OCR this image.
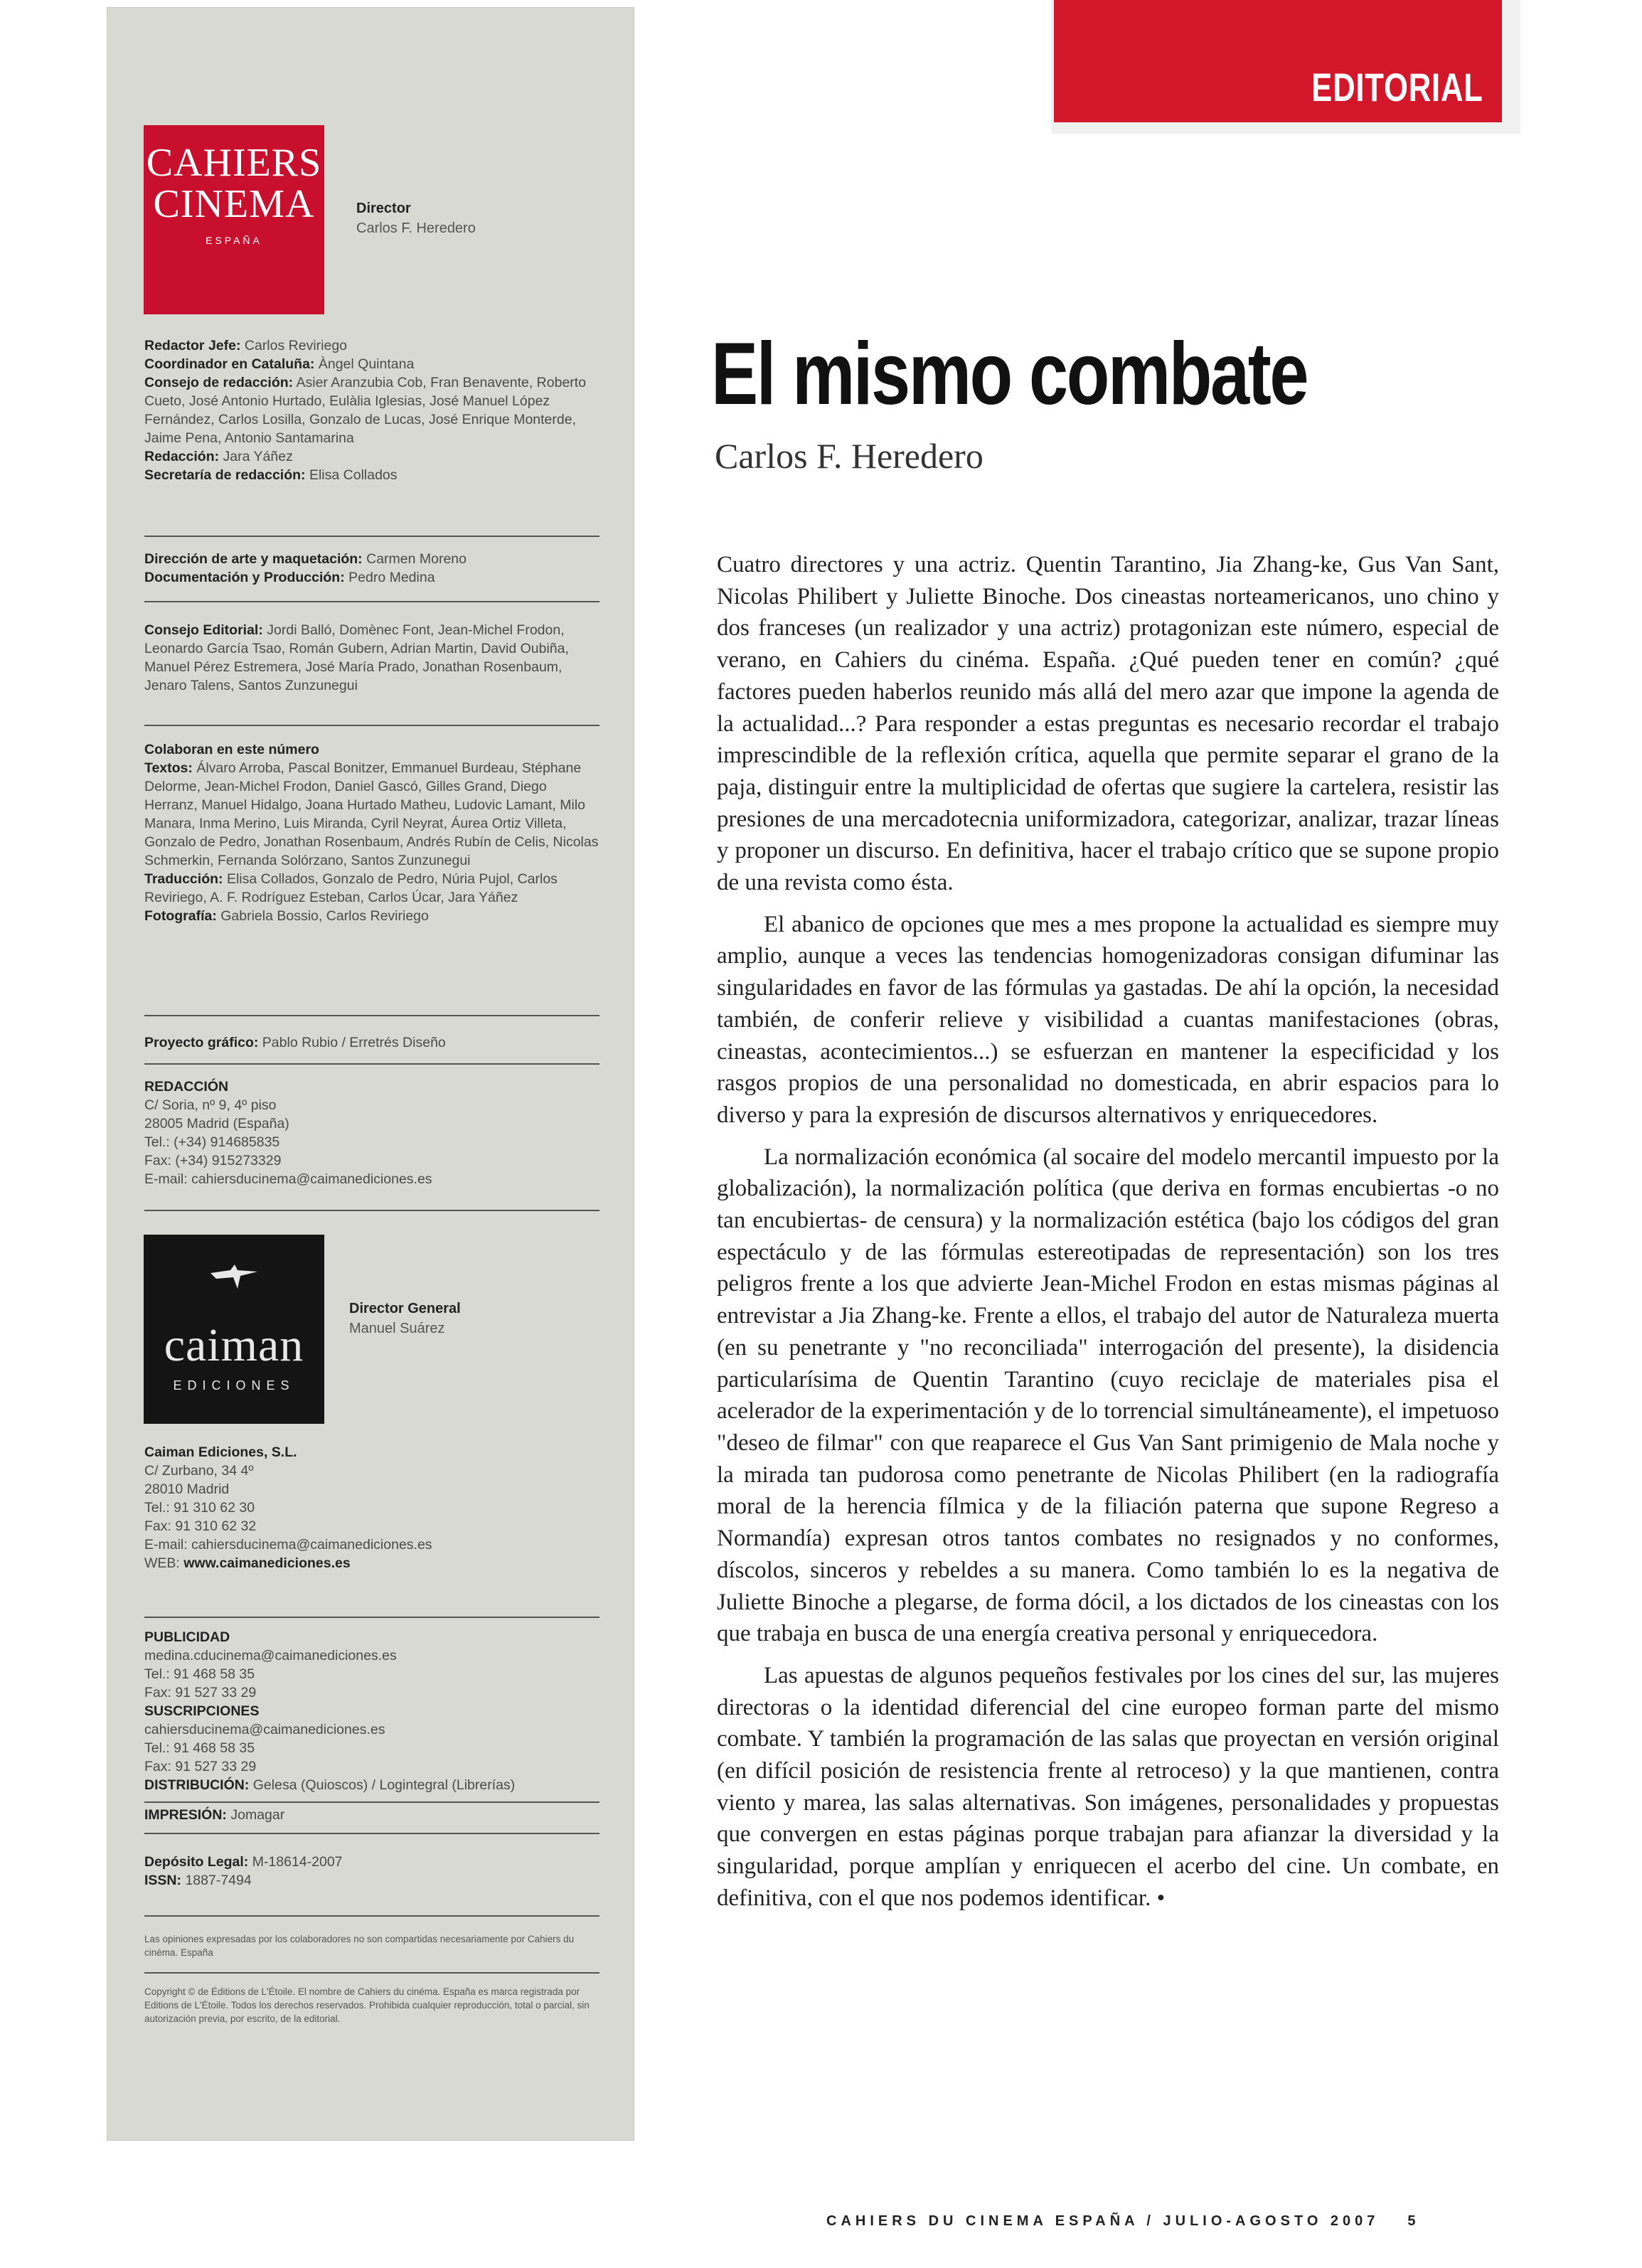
CAHIERS
CINEMA
ESPAÑA
Director
Carlos F. Heredero

Redactor Jefe: Carlos Reviriego

Coordinador en Cataluña: Àngel Quintana

Consejo de redacción: Asier Aranzubia Cob, Fran Benavente, Roberto Cueto, José Antonio Hurtado, Eulàlia Iglesias, José Manuel López Fernández, Carlos Losilla, Gonzalo de Lucas, José Enrique Monterde, Jaime Pena, Antonio Santamarina

Redacción: Jara Yáñez

Secretaría de redacción: Elisa Collados

Dirección de arte y maquetación: Carmen Moreno

Documentación y Producción: Pedro Medina

Consejo Editorial: Jordi Balló, Domènec Font, Jean-Michel Frodon, Leonardo García Tsao, Román Gubern, Adrian Martin, David Oubiña, Manuel Pérez Estremera, José María Prado, Jonathan Rosenbaum, Jenaro Talens, Santos Zunzunegui

Colaboran en este número

Textos: Álvaro Arroba, Pascal Bonitzer, Emmanuel Burdeau, Stéphane Delorme, Jean-Michel Frodon, Daniel Gascó, Gilles Grand, Diego Herranz, Manuel Hidalgo, Joana Hurtado Matheu, Ludovic Lamant, Milo Manara, Inma Merino, Luis Miranda, Cyril Neyrat, Áurea Ortiz Villeta, Gonzalo de Pedro, Jonathan Rosenbaum, Andrés Rubín de Celis, Nicolas Schmerkin, Fernanda Solórzano, Santos Zunzunegui

Traducción: Elisa Collados, Gonzalo de Pedro, Núria Pujol, Carlos Reviriego, A. F. Rodríguez Esteban, Carlos Úcar, Jara Yáñez

Fotografía: Gabriela Bossio, Carlos Reviriego

Proyecto gráfico: Pablo Rubio / Erretrés Diseño

REDACCIÓN

C/ Soria, nº 9, 4º piso

28005 Madrid (España)

Tel.: (+34) 914685835

Fax: (+34) 915273329

E-mail: cahiersducinema@caimanediciones.es

caiman
EDICIONES
Director General
Manuel Suárez

Caiman Ediciones, S.L.

C/ Zurbano, 34 4º

28010 Madrid

Tel.: 91 310 62 30

Fax: 91 310 62 32

E-mail: cahiersducinema@caimanediciones.es

WEB: www.caimanediciones.es

PUBLICIDAD

medina.cducinema@caimanediciones.es

Tel.: 91 468 58 35

Fax: 91 527 33 29

SUSCRIPCIONES

cahiersducinema@caimanediciones.es

Tel.: 91 468 58 35

Fax: 91 527 33 29

DISTRIBUCIÓN: Gelesa (Quioscos) / Logintegral (Librerías)

IMPRESIÓN: Jomagar

Depósito Legal: M-18614-2007

ISSN: 1887-7494

Las opiniones expresadas por los colaboradores no son compartidas necesariamente por Cahiers du cinéma. España
Copyright © de Éditions de L'Étoile. El nombre de Cahiers du cinéma. España es marca registrada por Editions de L'Étoile. Todos los derechos reservados. Prohibida cualquier reproducción, total o parcial, sin autorización previa, por escrito, de la editorial.
EDITORIAL
El mismo combate
Carlos F. Heredero

Cuatro directores y una actriz. Quentin Tarantino, Jia Zhang-ke, Gus Van Sant, Nicolas Philibert y Juliette Binoche. Dos cineastas norteamericanos, uno chino y dos franceses (un realizador y una actriz) protagonizan este número, especial de verano, en Cahiers du cinéma. España. ¿Qué pueden tener en común? ¿qué factores pueden haberlos reunido más allá del mero azar que impone la agenda de la actualidad...? Para responder a estas preguntas es necesario recordar el trabajo imprescindible de la reflexión crítica, aquella que permite separar el grano de la paja, distinguir entre la multiplicidad de ofertas que sugiere la cartelera, resistir las presiones de una mercadotecnia uniformizadora, categorizar, analizar, trazar líneas y proponer un discurso. En definitiva, hacer el trabajo crítico que se supone propio de una revista como ésta.

El abanico de opciones que mes a mes propone la actualidad es siempre muy amplio, aunque a veces las tendencias homogenizadoras consigan difuminar las singularidades en favor de las fórmulas ya gastadas. De ahí la opción, la necesidad también, de conferir relieve y visibilidad a cuantas manifestaciones (obras, cineastas, acontecimientos...) se esfuerzan en mantener la especificidad y los rasgos propios de una personalidad no domesticada, en abrir espacios para lo diverso y para la expresión de discursos alternativos y enriquecedores.

La normalización económica (al socaire del modelo mercantil impuesto por la globalización), la normalización política (que deriva en formas encubiertas -o no tan encubiertas- de censura) y la normalización estética (bajo los códigos del gran espectáculo y de las fórmulas estereotipadas de representación) son los tres peligros frente a los que advierte Jean-Michel Frodon en estas mismas páginas al entrevistar a Jia Zhang-ke. Frente a ellos, el trabajo del autor de Naturaleza muerta (en su penetrante y "no reconciliada" interrogación del presente), la disidencia particularísima de Quentin Tarantino (cuyo reciclaje de materiales pisa el acelerador de la experimentación y de lo torrencial simultáneamente), el impetuoso "deseo de filmar" con que reaparece el Gus Van Sant primigenio de Mala noche y la mirada tan pudorosa como penetrante de Nicolas Philibert (en la radiografía moral de la herencia fílmica y de la filiación paterna que supone Regreso a Normandía) expresan otros tantos combates no resignados y no conformes, díscolos, sinceros y rebeldes a su manera. Como también lo es la negativa de Juliette Binoche a plegarse, de forma dócil, a los dictados de los cineastas con los que trabaja en busca de una energía creativa personal y enriquecedora.

Las apuestas de algunos pequeños festivales por los cines del sur, las mujeres directoras o la identidad diferencial del cine europeo forman parte del mismo combate. Y también la programación de las salas que proyectan en versión original (en difícil posición de resistencia frente al retroceso) y la que mantienen, contra viento y marea, las salas alternativas. Son imágenes, personalidades y propuestas que convergen en estas páginas porque trabajan para afianzar la diversidad y la singularidad, porque amplían y enriquecen el acerbo del cine. Un combate, en definitiva, con el que nos podemos identificar. •

CAHIERS DU CINEMA ESPAÑA / JULIO-AGOSTO 2007 5
